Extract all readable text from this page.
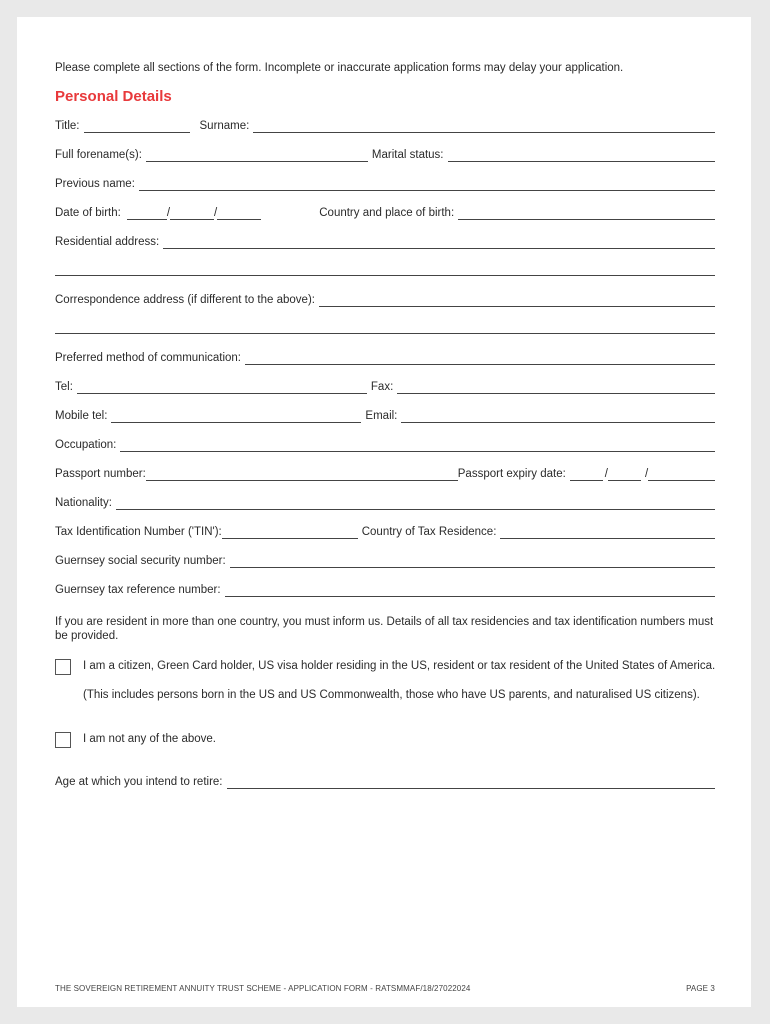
Please complete all sections of the form. Incomplete or inaccurate application forms may delay your application.
Personal Details
Title:	Surname:
Full forename(s):	Marital status:
Previous name:
Date of birth:	/	/	Country and place of birth:
Residential address:
Correspondence address (if different to the above):
Preferred method of communication:
Tel:	Fax:
Mobile tel:	Email:
Occupation:
Passport number:	Passport expiry date:	/	/
Nationality:
Tax Identification Number ('TIN'):	Country of Tax Residence:
Guernsey social security number:
Guernsey tax reference number:
If you are resident in more than one country, you must inform us. Details of all tax residencies and tax identification numbers must be provided.
I am a citizen, Green Card holder, US visa holder residing in the US, resident or tax resident of the United States of America.
(This includes persons born in the US and US Commonwealth, those who have US parents, and naturalised US citizens).
I am not any of the above.
Age at which you intend to retire:
THE SOVEREIGN RETIREMENT ANNUITY TRUST SCHEME - APPLICATION FORM - RATSMMAF/18/27022024	PAGE 3
